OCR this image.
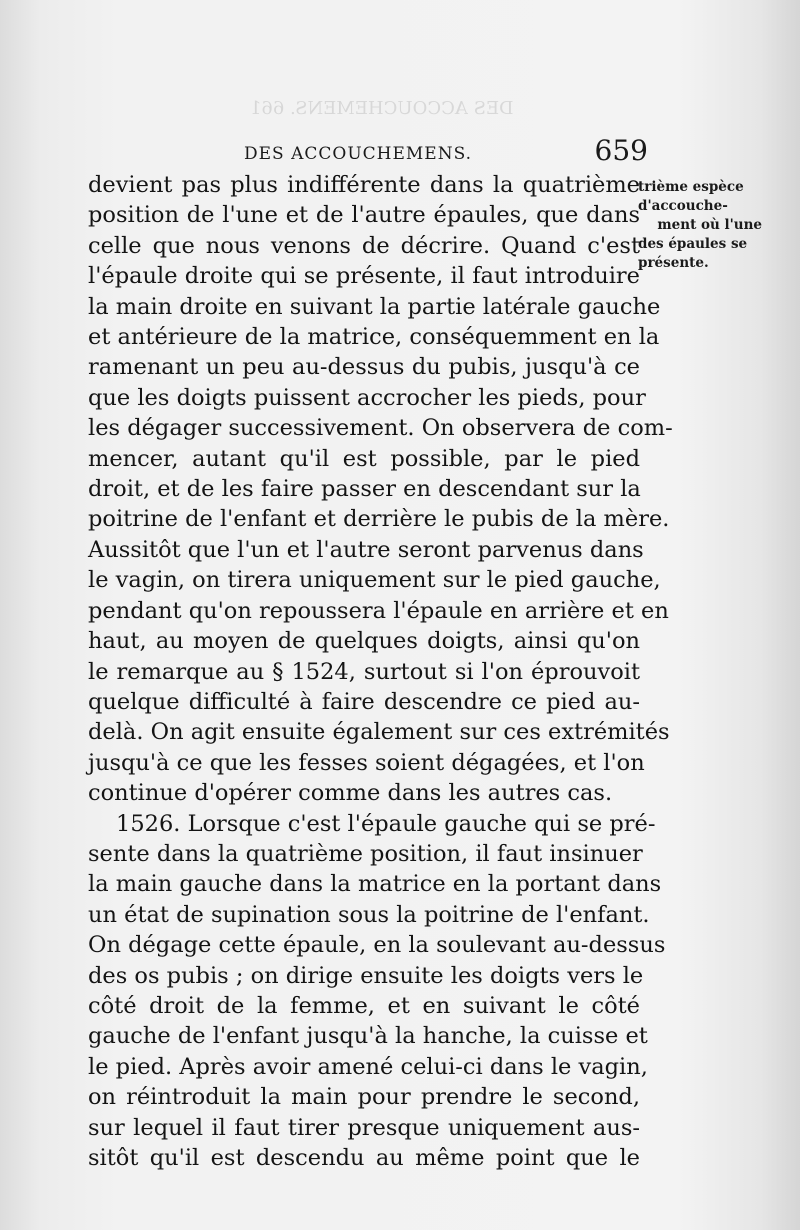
DES ACCOUCHEMENS. 661
DES ACCOUCHEMENS.	659
trième espèce
d'accouche-
ment où l'une
des épaules se
présente.
devient pas plus indifférente dans la quatrième
position de l'une et de l'autre épaules, que dans
celle que nous venons de décrire. Quand c'est
l'épaule droite qui se présente, il faut introduire
la main droite en suivant la partie latérale gauche
et antérieure de la matrice, conséquemment en la
ramenant un peu au-dessus du pubis, jusqu'à ce
que les doigts puissent accrocher les pieds, pour
les dégager successivement. On observera de com-
mencer, autant qu'il est possible, par le pied
droit, et de les faire passer en descendant sur la
poitrine de l'enfant et derrière le pubis de la mère.
Aussitôt que l'un et l'autre seront parvenus dans
le vagin, on tirera uniquement sur le pied gauche,
pendant qu'on repoussera l'épaule en arrière et en
haut, au moyen de quelques doigts, ainsi qu'on
le remarque au § 1524, surtout si l'on éprouvoit
quelque difficulté à faire descendre ce pied au-
delà. On agit ensuite également sur ces extrémités
jusqu'à ce que les fesses soient dégagées, et l'on
continue d'opérer comme dans les autres cas.
1526. Lorsque c'est l'épaule gauche qui se pré-
sente dans la quatrième position, il faut insinuer
la main gauche dans la matrice en la portant dans
un état de supination sous la poitrine de l'enfant.
On dégage cette épaule, en la soulevant au-dessus
des os pubis ; on dirige ensuite les doigts vers le
côté droit de la femme, et en suivant le côté
gauche de l'enfant jusqu'à la hanche, la cuisse et
le pied. Après avoir amené celui-ci dans le vagin,
on réintroduit la main pour prendre le second,
sur lequel il faut tirer presque uniquement aus-
sitôt qu'il est descendu au même point que le
